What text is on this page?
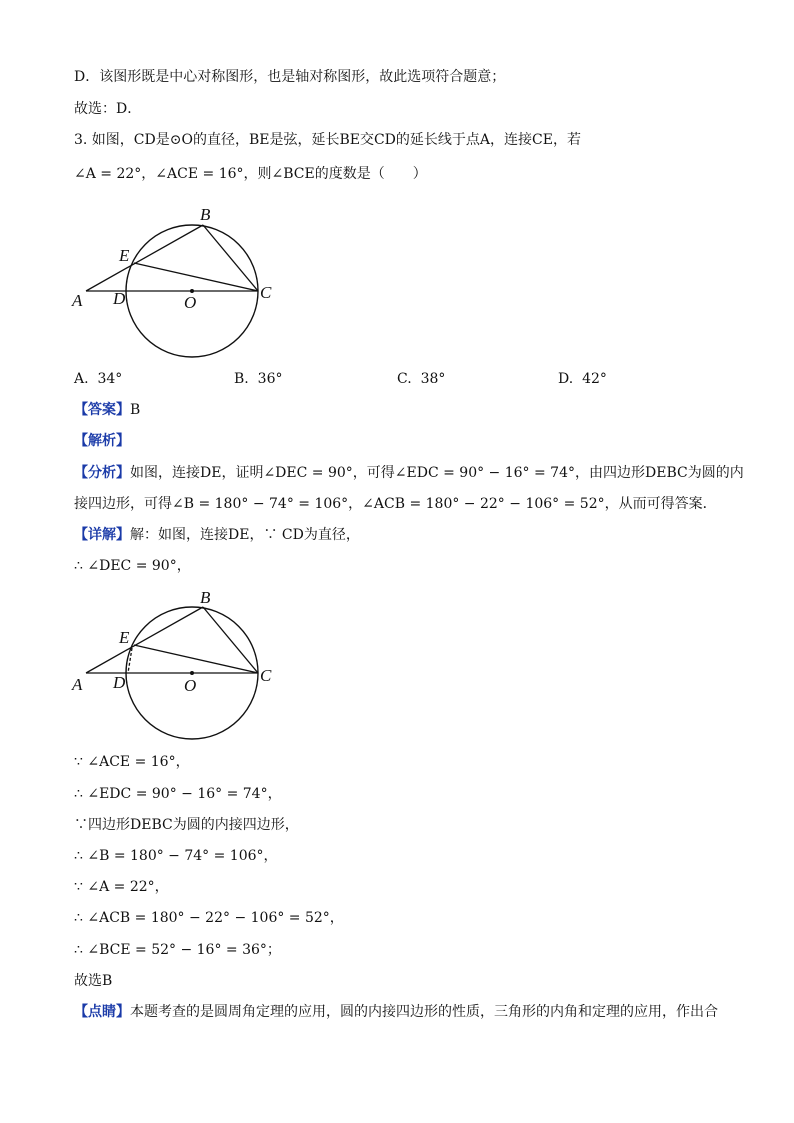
D．该图形既是中心对称图形，也是轴对称图形，故此选项符合题意；
故选：D．
3. 如图，CD是⊙O的直径，BE是弦，延长BE交CD的延长线于点A，连接CE，若
∠A = 22°，∠ACE = 16°，则∠BCE的度数是（　　）
B
E
A D	O
C
A. 34°	B. 36°	C. 38°	D. 42°
【答案】B
【解析】
【分析】如图，连接DE，证明∠DEC = 90°，可得∠EDC = 90° − 16° = 74°，由四边形DEBC为圆的内
接四边形，可得∠B = 180° − 74° = 106°，∠ACB = 180° − 22° − 106° = 52°，从而可得答案．
【详解】解：如图，连接DE，∵ CD为直径，
∴ ∠DEC = 90°，
B
E
A D	O
C
∵ ∠ACE = 16°，
∴ ∠EDC = 90° − 16° = 74°，
∵四边形DEBC为圆的内接四边形，
∴ ∠B = 180° − 74° = 106°，
∵ ∠A = 22°，
∴ ∠ACB = 180° − 22° − 106° = 52°，
∴ ∠BCE = 52° − 16° = 36°；
故选B
【点睛】本题考查的是圆周角定理的应用，圆的内接四边形的性质，三角形的内角和定理的应用，作出合
